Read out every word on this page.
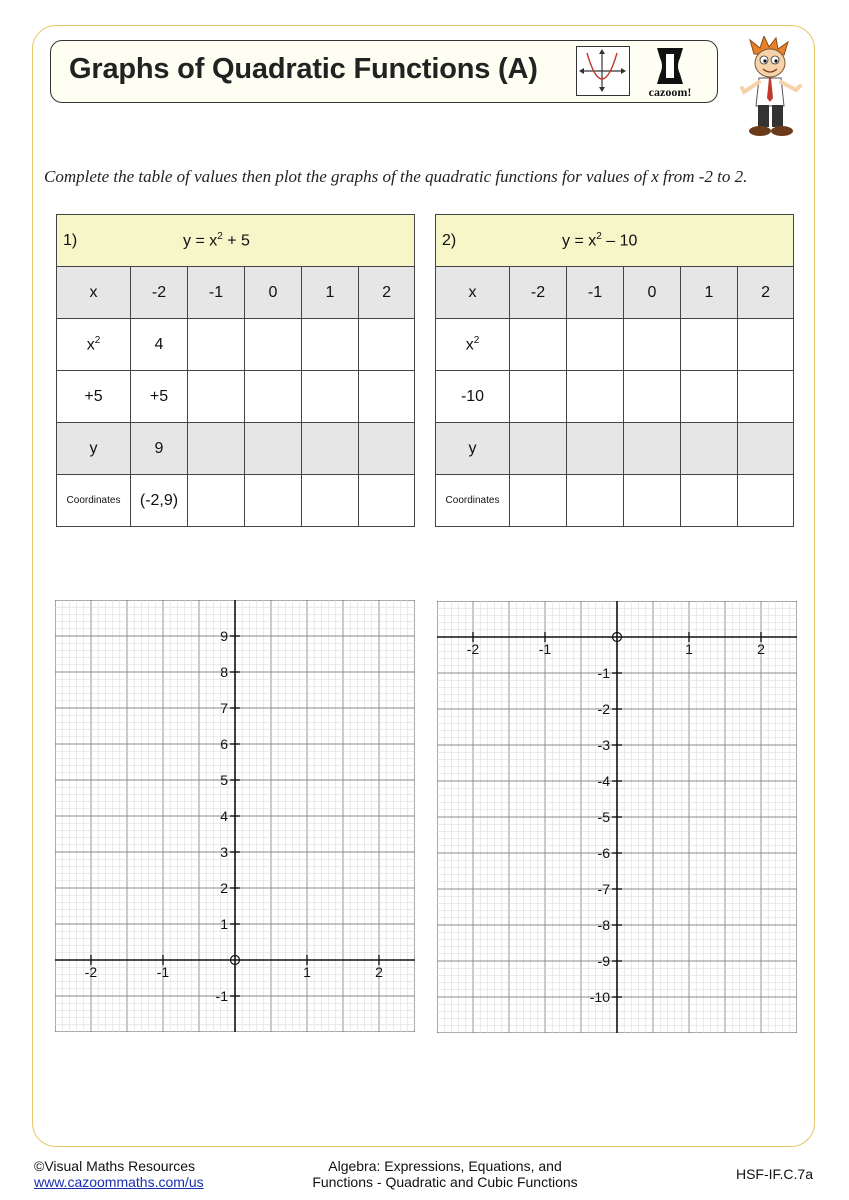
Graphs of Quadratic Functions (A)
cazoom!
Complete the table of values then plot the graphs of the quadratic functions for values of x from -2 to 2.
1) $y = x^2 + 5$					
x	-2	-1	0	1	2
$x^2$	4				
+5	+5				
y	9				
Coordinates	(-2,9)				
2) $y = x^2 - 10$					
x	-2	-1	0	1	2
$x^2$					
-10					
y					
Coordinates					
-2	-1	1	2
9
8
7
6
5
4
3
2
1
-1
-2	-1	1	2
-1
-2
-3
-4
-5
-6
-7
-8
-9
-10
©Visual Maths Resources
www.cazoommaths.com/us
Algebra: Expressions, Equations, and
Functions - Quadratic and Cubic Functions	HSF-IF.C.7a
